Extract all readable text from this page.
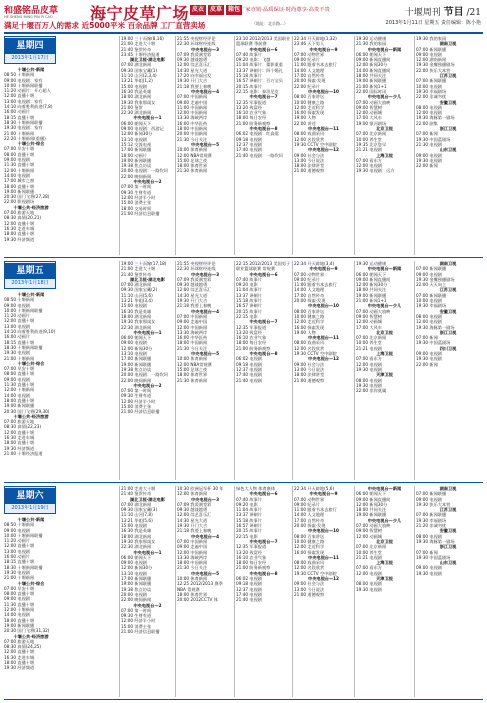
和盛铭品皮草
HE SHENG MING PIN PI CAO 海宁皮草广场 皮衣	皮草	箱包 厂家直销·品质保证·时尚尊享·高贵不贵
满足十堰百万人的需求 近5000平米 百余品牌 工厂直营卖场	（地址：北京路...）
十堰周刊 节目 /21
2013年1月11日 星期五 责任编辑：陈小艳
星期四
2013年1月17日
十堰公共·新闻
08:50 十堰新闻
09:00 电视剧：家有
10:00 十堰新闻联播
11:20 动画片：开心超人
12:00 直播十堰
13:00 电视剧：家有
14:10 向着胜利前进(7,8)
16:00 动画片
18:15 直播十堰
18:30 十堰新闻联播
19:30 电视剧：家有
21:00 十堰新闻
22:20 十堰新闻(重播)
十堰公共·综合
07:00 早安十堰
08:00 直播十堰
09:00 电视剧
11:30 直播十堰
12:00 十堰新闻
14:00 电视剧
17:00 城市之窗
18:00 直播十堰
19:00 新闻联播
20:30 国门飞将(27,28)
22:00 影视剧场
十堰公共·经济旅游
07:00 旅游天地
08:30 真情(20,21)
12:00 直播十堰
16:30 走进车城
18:00 直播十堰
19:30 经济频道
19:00 三十而嫁(8,16)
21:00 走进大十堰
21:40 鉴赏传奇
23:45 十堰经济报道
湖北卫视·湖北电影
07:00 湖北新闻
09:30 国家宝藏(1)
11:10 山河(2,3,4)
13:21 华姐(1,2)
15:00 电视剧
16:30 我是英雄
18:00 湖北新闻
19:30 我家那闺女
21:00 鉴赏
22:30 湖北新闻
中央电视台—1
06:00 朝闻天下
09:00 电视剧：西游记
12:00 新闻30分
13:10 电视剧
15:12 交流电视
17:00 新闻联播
18:00 动画片
19:00 新闻联播
19:38 焦点访谈
20:00 电视剧：一路坎坷
22:00 晚间新闻
中央电视台—2
07:00 第一时间
09:30 生财有道
12:00 经济半小时
15:00 消费主张
18:00 交易时间
21:00 经济信息联播
21:55 央视财经评论
22:30 环球财经连线
中央电视台—3
07:09 我爱满堂彩
09:30 越战越勇
12:00 综艺喜乐汇
14:30 星光大道
17:20 向幸福出发
19:30 开门大吉
21:18 我要上春晚
中央电视台—4
07:00 中国新闻
09:00 走遍中国
11:00 中国新闻
12:00 中国新闻
13:30 海峡两岸
16:00 中华医药
18:00 中国新闻
20:00 中国新闻
21:30 今日关注
中央电视台—5
10:00 体育新闻
12:00 NBA常规赛
15:00 足球之夜
18:00 体育世界
21:30 体育新闻
23:10 2012/2013 美国职业
篮球联赛 季前赛
中央电视台—6
07:40 故事片
09:20 电影：飞越
11:04 故事片：谍影重重
13:37 译制片：四个婚礼
15:18 故事片
16:57 译制片：百万宝贝
20:15 故事片
22:15 电影：泰坦尼克
中央电视台—7
12:35 军事报道
13:20 致富经
16:10 农业气象
18:00 每日农经
21:00 防务新观察
中央电视台—8
06:02 电视剧：红高粱
09:18 电视剧
12:37 电视剧
17:40 电视剧
21:40 电视剧：一路坎坷
22:34 开天辟地(1,32)
23:46 天下男人
中央电视台—9
07:00 动物世界
09:00 纪录片
11:00 跟着书本去旅行
14:00 人文地理
17:00 自然传奇
20:00 探索·发现
22:00 纪录片
中央电视台—10
08:00 百家讲坛
10:00 健康之路
12:00 走近科学
16:00 探索发现
19:00 人物
22:00 讲述
中央电视台—11
08:00 戏曲采风
12:00 名段欣赏
19:30 CCTV 空中剧院
中央电视台—12
09:00 社会与法
13:00 今日说法
18:00 法律讲堂
21:00 道德观察
19:30 运动健康
21:30 我的家园
中央电视台—新闻
06:00 朝闻天下
09:00 新闻直播间
12:00 新闻30分
14:00 新闻直播间
18:00 共同关注
19:00 新闻联播
21:00 新闻1+1
22:00 国际时讯
中央电视台—少儿
07:00 动画大放映
09:00 智慧树
12:00 动画城
17:00 大风车
19:00 银河剧场
北京卫视
07:00 北京新闻
10:00 养生堂
19:35 北京您早
21:21 电视剧
上海卫视
07:00 看东方
12:00 电视剧
19:30 电视剧：远方
19:30 我的家园
湖南卫视
07:00 新闻联播
09:00 电视剧
12:00 湖南新闻
19:30 金鹰独播剧场
22:00 快乐大本营
江苏卫视
07:00 新闻联播
10:00 电视剧
19:30 幸福剧场
22:00 非诚勿扰
安徽卫视
08:00 电视剧
12:00 电视剧
19:30 海豚第一剧场
22:00 剧集
浙江卫视
07:00 新闻
19:30 中国蓝剧场
21:30 电视剧
山东卫视
09:00 电视剧
19:30 电视剧
22:00 新闻
星期五
2013年1月18日
十堰公共·新闻
08:50 十堰新闻
09:00 电视剧
10:00 十堰新闻联播
11:20 动画片
12:00 直播十堰
13:00 电视剧
14:10 向着胜利前进(9,10)
16:00 动画片
18:15 直播十堰
18:30 十堰新闻联播
19:30 电视剧
21:00 十堰新闻
十堰公共·综合
07:00 早安十堰
08:00 直播十堰
09:00 电视剧
11:30 直播十堰
12:00 十堰新闻
14:00 电视剧
18:00 直播十堰
19:00 新闻联播
20:30 国门飞将(29,30)
十堰公共·经济旅游
07:00 旅游天地
08:30 真情(22,23)
12:00 直播十堰
16:30 走进车城
18:00 直播十堰
19:30 经济频道
21:00 十堰经济报道
19:00 三十而嫁(17,18)
21:00 走进大十堰
21:40 鉴赏传奇
湖北卫视·湖北电影
07:00 湖北新闻
09:30 国家宝藏(2)
11:10 山河(5,6)
13:21 华姐(3,4)
15:00 电视剧
16:30 我是英雄
18:00 湖北新闻
19:30 我家那闺女
22:30 湖北新闻
中央电视台—1
06:00 朝闻天下
09:00 电视剧
12:00 新闻30分
13:10 电视剧
17:00 新闻联播
19:00 新闻联播
19:38 焦点访谈
20:00 电视剧：一路坎坷
22:00 晚间新闻
中央电视台—2
07:00 第一时间
09:30 生财有道
12:00 经济半小时
15:00 消费主张
21:00 经济信息联播
21:55 央视财经评论
22:30 环球财经连线
中央电视台—3
07:09 我爱满堂彩
09:30 越战越勇
12:00 综艺喜乐汇
14:30 星光大道
19:30 开门大吉
21:18 我要上春晚
中央电视台—4
07:00 中国新闻
09:00 走遍中国
12:00 中国新闻
13:30 海峡两岸
16:00 中华医药
18:00 中国新闻
21:30 今日关注
中央电视台—5
10:00 体育新闻
12:00 NBA常规赛
15:00 足球之夜
18:00 体育世界
21:30 体育新闻
22:15 2012/2013 美国男子
职业篮球联赛 常规赛
中央电视台—6
07:40 故事片
09:20 电影
11:04 故事片
13:37 译制片
15:18 故事片
16:57 译制片
20:15 故事片
22:15 电影
中央电视台—7
12:35 军事报道
13:20 致富经
16:10 农业气象
18:00 每日农经
21:00 防务新观察
中央电视台—8
06:02 电视剧
09:18 电视剧
12:37 电视剧
17:40 电视剧
21:40 电视剧
22:34 开天辟地(3,4)
中央电视台—9
07:00 动物世界
09:00 纪录片
11:00 跟着书本去旅行
14:00 人文地理
17:00 自然传奇
20:00 探索·发现
中央电视台—10
08:00 百家讲坛
10:00 健康之路
12:00 走近科学
16:00 探索发现
19:00 人物
中央电视台—11
08:00 戏曲采风
12:00 名段欣赏
19:30 CCTV 空中剧院
中央电视台—12
09:00 社会与法
13:00 今日说法
18:00 法律讲堂
21:00 道德观察
19:30 运动健康
中央电视台—新闻
06:00 朝闻天下
09:00 新闻直播间
12:00 新闻30分
18:00 共同关注
19:00 新闻联播
21:00 新闻1+1
中央电视台—少儿
07:00 动画大放映
09:00 智慧树
12:00 动画城
17:00 大风车
北京卫视
07:00 北京新闻
10:00 养生堂
21:21 电视剧
上海卫视
07:00 看东方
12:00 电视剧
19:30 电视剧
天津卫视
08:00 电视剧
19:30 电视剧
22:00 非你莫属
湖南卫视
07:00 新闻联播
09:00 电视剧
19:30 金鹰独播剧场
22:00 天天向上
江苏卫视
07:00 新闻联播
10:00 电视剧
19:30 幸福剧场
安徽卫视
08:00 电视剧
12:00 电视剧
19:30 海豚第一剧场
浙江卫视
07:00 新闻
19:30 中国蓝剧场
四川卫视
09:00 电视剧
19:30 电视剧
22:00 新闻
星期六
2013年1月19日
十堰公共·新闻
08:50 十堰新闻
09:00 电视剧
10:00 十堰新闻联播
11:20 动画片
12:00 直播十堰
13:00 电视剧
16:00 动画片
18:15 直播十堰
18:30 十堰新闻联播
19:30 电视剧
21:00 十堰新闻
十堰公共·综合
07:00 早安十堰
08:00 直播十堰
09:00 电视剧
11:30 直播十堰
12:00 十堰新闻
14:00 电视剧
18:00 直播十堰
19:00 新闻联播
20:30 国门飞将(31,32)
十堰公共·经济旅游
07:00 旅游天地
08:30 真情(24,25)
12:00 直播十堰
16:30 走进车城
18:00 直播十堰
19:30 经济频道
21:00 走进大十堰
21:40 鉴赏传奇
湖北卫视·湖北电影
07:00 湖北新闻
09:30 国家宝藏(3)
11:10 山河(7,8)
13:21 华姐(5,6)
15:00 电视剧
16:30 我是英雄
18:00 湖北新闻
19:30 我家那闺女
22:30 湖北新闻
中央电视台—1
06:00 朝闻天下
09:00 电视剧
12:00 新闻30分
13:10 电视剧
17:00 新闻联播
19:00 新闻联播
19:38 焦点访谈
20:00 电视剧
22:00 晚间新闻
中央电视台—2
07:00 第一时间
09:30 生财有道
12:00 经济半小时
15:00 消费主张
21:00 经济信息联播
10:30 欧洲冠军杯 30 年
12:00 体育新闻
中央电视台—3
07:09 我爱满堂彩
09:30 越战越勇
12:00 综艺喜乐汇
14:30 星光大道
19:30 开门大吉
21:18 我要上春晚
中央电视台—4
07:00 中国新闻
09:00 走遍中国
12:00 中国新闻
13:30 海峡两岸
18:00 中国新闻
21:30 今日关注
中央电视台—5
10:00 体育新闻
12:25 2012/2013 赛季
NBA 常规赛
18:00 体育世界
20:00 2012CCTV 体
绿色大人物 体育康体
中央电视台—6
07:40 故事片
09:20 电影
11:04 故事片
13:37 译制片
15:18 故事片
16:57 译制片
20:15 故事片
22:15 电影
中央电视台—7
12:35 军事报道
13:20 致富经
16:10 农业气象
18:00 每日农经
21:00 防务新观察
中央电视台—8
06:02 电视剧
09:18 电视剧
12:37 电视剧
17:40 电视剧
21:40 电视剧
22:34 开天辟地(5,6)
中央电视台—9
07:00 动物世界
09:00 纪录片
11:00 跟着书本去旅行
14:00 人文地理
17:00 自然传奇
20:00 探索·发现
中央电视台—10
08:00 百家讲坛
10:00 健康之路
12:00 走近科学
16:00 探索发现
中央电视台—11
08:00 戏曲采风
12:00 名段欣赏
19:30 CCTV 空中剧院
中央电视台—12
09:00 社会与法
13:00 今日说法
21:00 道德观察
中央电视台—新闻
06:00 朝闻天下
09:00 新闻直播间
12:00 新闻30分
18:00 共同关注
19:00 新闻联播
中央电视台—少儿
07:00 动画大放映
09:00 智慧树
12:00 动画城
北京卫视
07:00 北京新闻
10:00 养生堂
21:21 电视剧
上海卫视
07:00 看东方
12:00 电视剧
天津卫视
08:00 电视剧
19:30 电视剧
湖南卫视
07:00 新闻联播
09:00 电视剧
19:30 快乐大本营
江苏卫视
07:00 新闻联播
19:30 幸福剧场
21:20 非诚勿扰
安徽卫视
08:00 电视剧
19:30 海豚第一剧场
浙江卫视
07:00 新闻
19:30 中国蓝剧场
山东卫视
09:00 电视剧
19:30 电视剧
